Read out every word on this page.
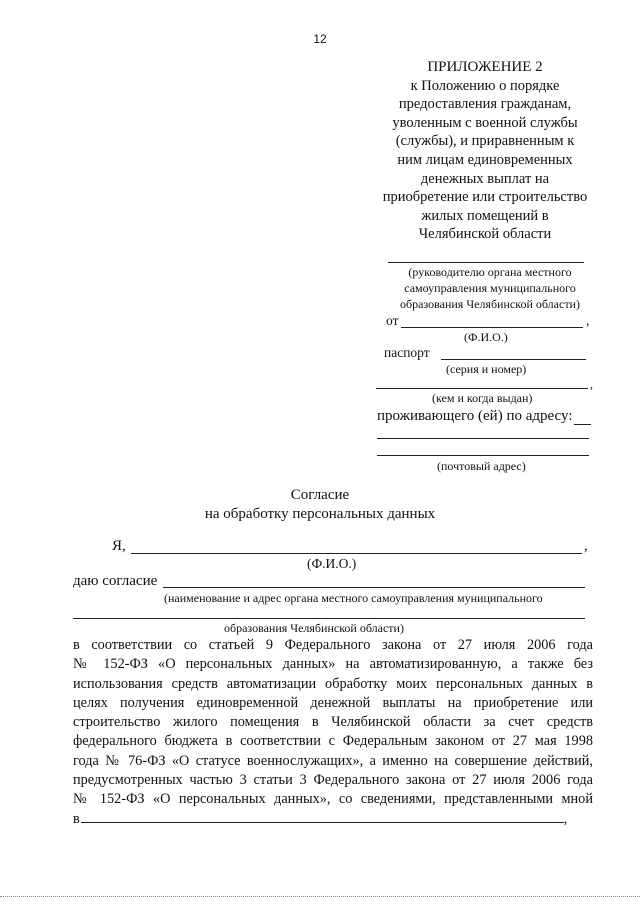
12
ПРИЛОЖЕНИЕ 2
к Положению о порядке
предоставления гражданам,
уволенным с военной службы
(службы), и приравненным к
ним лицам единовременных
денежных выплат на
приобретение или строительство
жилых помещений в
Челябинской области
(руководителю органа местного
самоуправления муниципального
образования Челябинской области)
от	,
(Ф.И.О.)
паспорт
(серия и номер)
,
(кем и когда выдан)
проживающего (ей) по адресу:
(почтовый адрес)
Согласие
на обработку персональных данных
Я,	,
(Ф.И.О.)
даю согласие
(наименование и адрес органа местного самоуправления муниципального
образования Челябинской области)
в соответствии со статьей 9 Федерального закона от 27 июля 2006 года
№ 152-ФЗ «О персональных данных» на автоматизированную, а также без
использования средств автоматизации обработку моих персональных данных в
целях получения единовременной денежной выплаты на приобретение или
строительство жилого помещения в Челябинской области за счет средств
федерального бюджета в соответствии с Федеральным законом от 27 мая 1998
года № 76-ФЗ «О статусе военнослужащих», а именно на совершение действий,
предусмотренных частью 3 статьи 3 Федерального закона от 27 июля 2006 года
№ 152-ФЗ «О персональных данных», со сведениями, представленными мной
в	,
